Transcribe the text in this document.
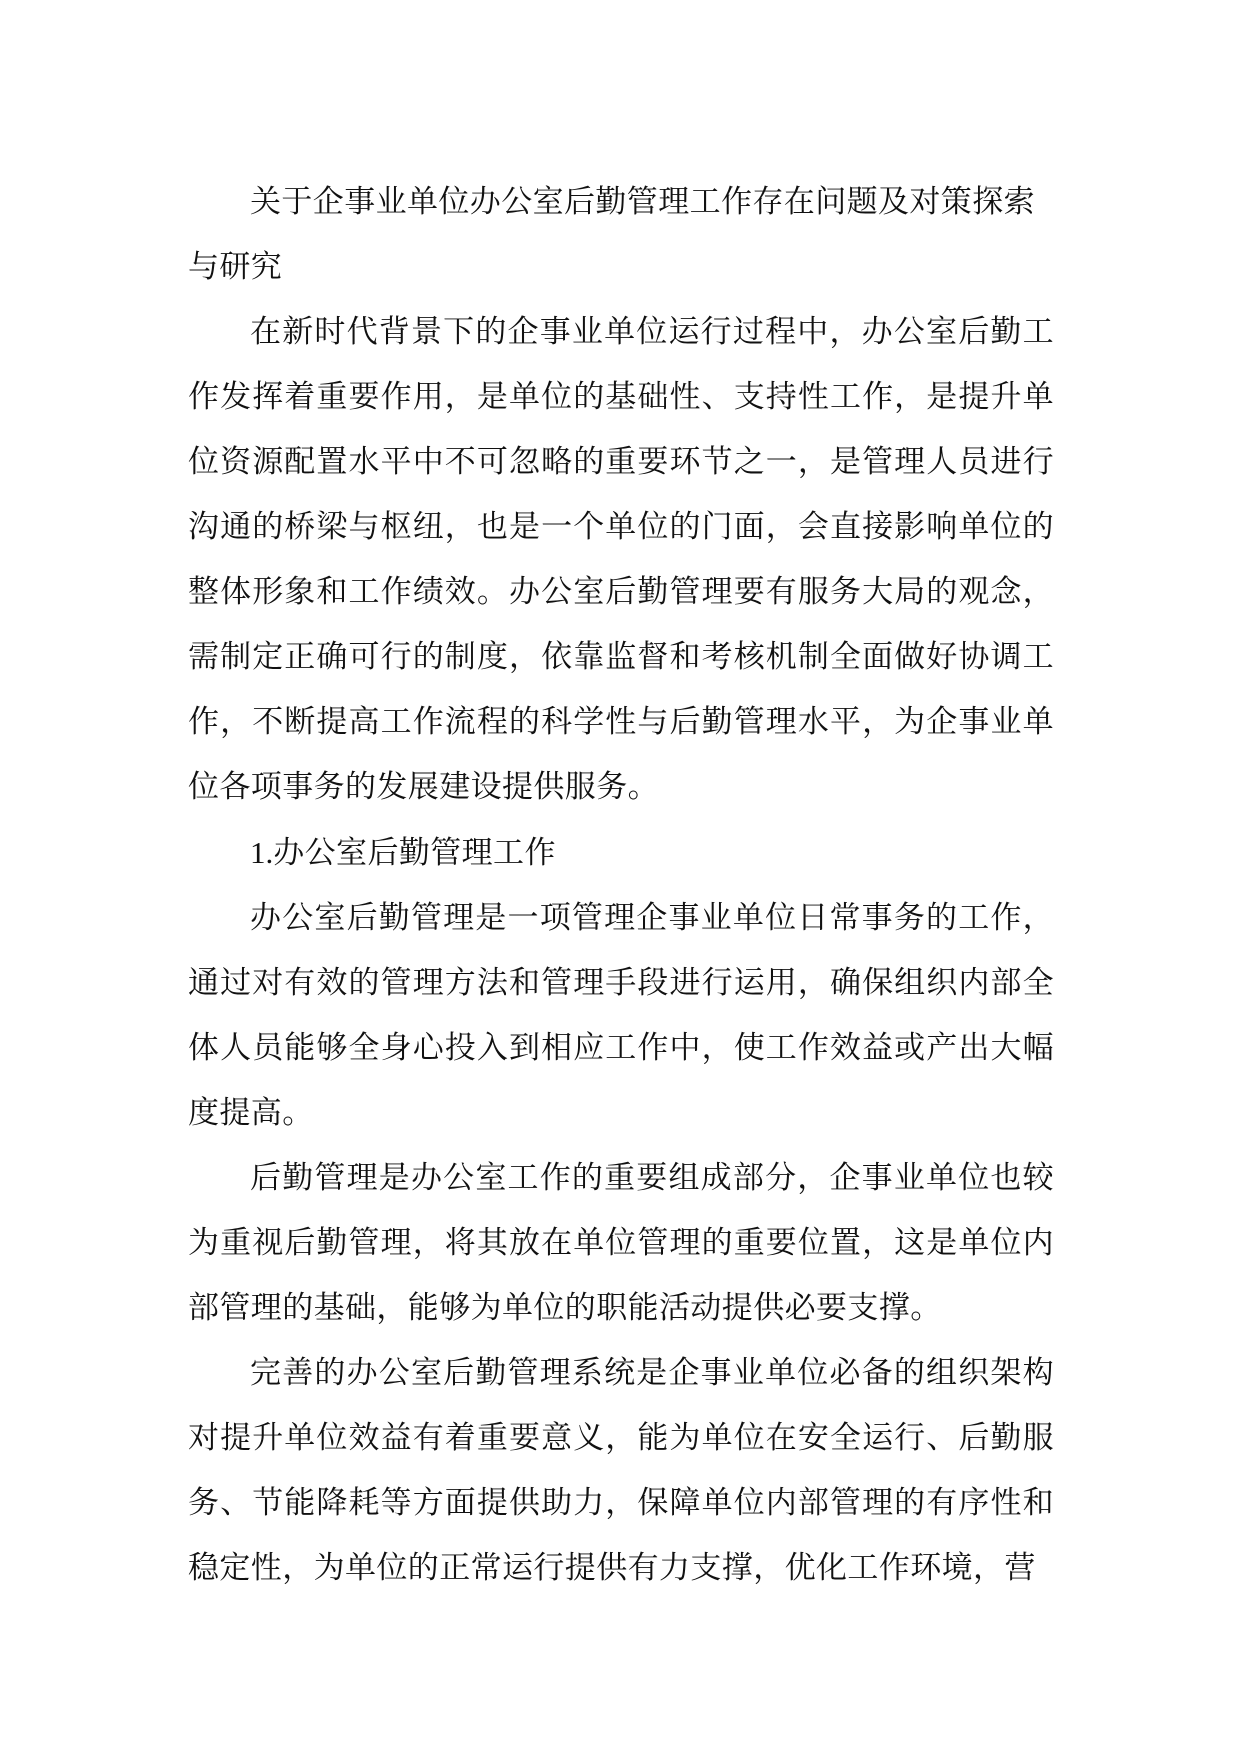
关于企事业单位办公室后勤管理工作存在问题及对策探索与研究

在新时代背景下的企事业单位运行过程中，办公室后勤工作发挥着重要作用，是单位的基础性、支持性工作，是提升单位资源配置水平中不可忽略的重要环节之一，是管理人员进行沟通的桥梁与枢纽，也是一个单位的门面，会直接影响单位的整体形象和工作绩效。办公室后勤管理要有服务大局的观念，需制定正确可行的制度，依靠监督和考核机制全面做好协调工作，不断提高工作流程的科学性与后勤管理水平，为企事业单位各项事务的发展建设提供服务。

1.办公室后勤管理工作

办公室后勤管理是一项管理企事业单位日常事务的工作，通过对有效的管理方法和管理手段进行运用，确保组织内部全体人员能够全身心投入到相应工作中，使工作效益或产出大幅度提高。

后勤管理是办公室工作的重要组成部分，企事业单位也较为重视后勤管理，将其放在单位管理的重要位置，这是单位内部管理的基础，能够为单位的职能活动提供必要支撑。

完善的办公室后勤管理系统是企事业单位必备的组织架构对提升单位效益有着重要意义，能为单位在安全运行、后勤服务、节能降耗等方面提供助力，保障单位内部管理的有序性和稳定性，为单位的正常运行提供有力支撑，优化工作环境，营
